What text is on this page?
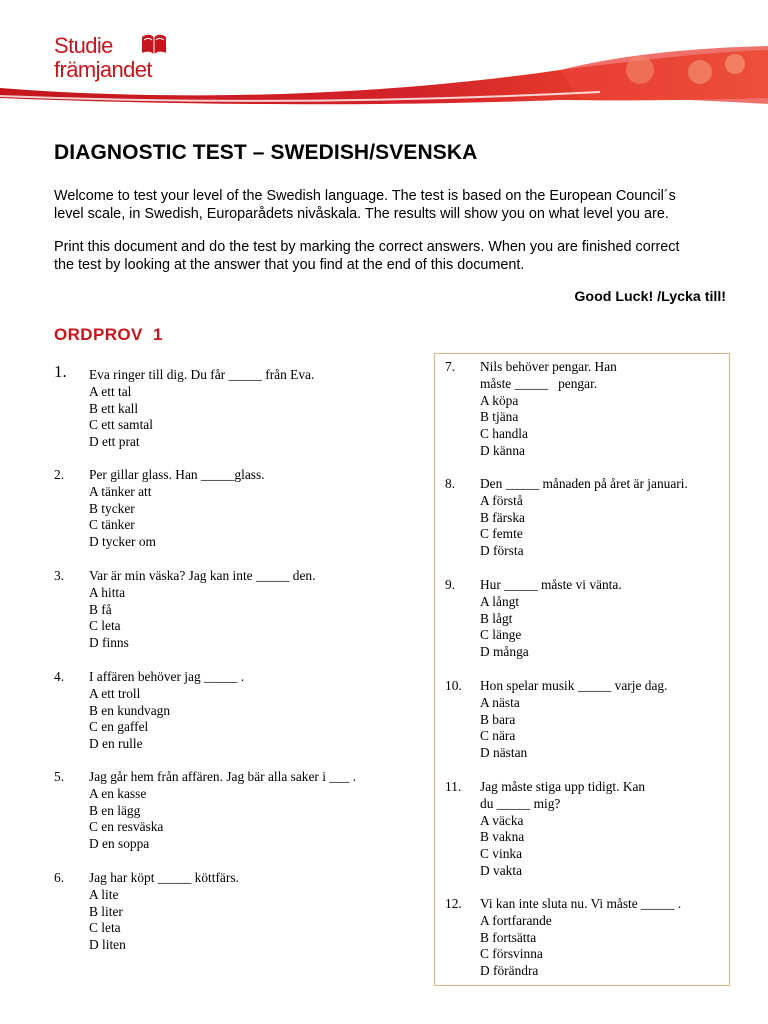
Studie
främjandet
DIAGNOSTIC TEST – SWEDISH/SVENSKA
Welcome to test your level of the Swedish language. The test is based on the European Council´s
level scale, in Swedish, Europarådets nivåskala. The results will show you on what level you are.
Print this document and do the test by marking the correct answers. When you are finished correct
the test by looking at the answer that you find at the end of this document.
Good Luck! /Lycka till!
ORDPROV  1
1. Eva ringer till dig. Du får _____ från Eva.
A ett tal
B ett kall
C ett samtal
D ett prat
2. Per gillar glass. Han _____glass.
A tänker att
B tycker
C tänker
D tycker om
3. Var är min väska? Jag kan inte _____ den.
A hitta
B få
C leta
D finns
4. I affären behöver jag _____ .
A ett troll
B en kundvagn
C en gaffel
D en rulle
5. Jag går hem från affären. Jag bär alla saker i ___ .
A en kasse
B en lägg
C en resväska
D en soppa
6. Jag har köpt _____ köttfärs.
A lite
B liter
C leta
D liten
7. Nils behöver pengar. Han
måste _____   pengar.
A köpa
B tjäna
C handla
D känna
8. Den _____ månaden på året är januari.
A förstå
B färska
C femte
D första
9. Hur _____ måste vi vänta.
A långt
B lågt
C länge
D många
10. Hon spelar musik _____ varje dag.
A nästa
B bara
C nära
D nästan
11. Jag måste stiga upp tidigt. Kan
du _____ mig?
A väcka
B vakna
C vinka
D vakta
12. Vi kan inte sluta nu. Vi måste _____ .
A fortfarande
B fortsätta
C försvinna
D förändra
